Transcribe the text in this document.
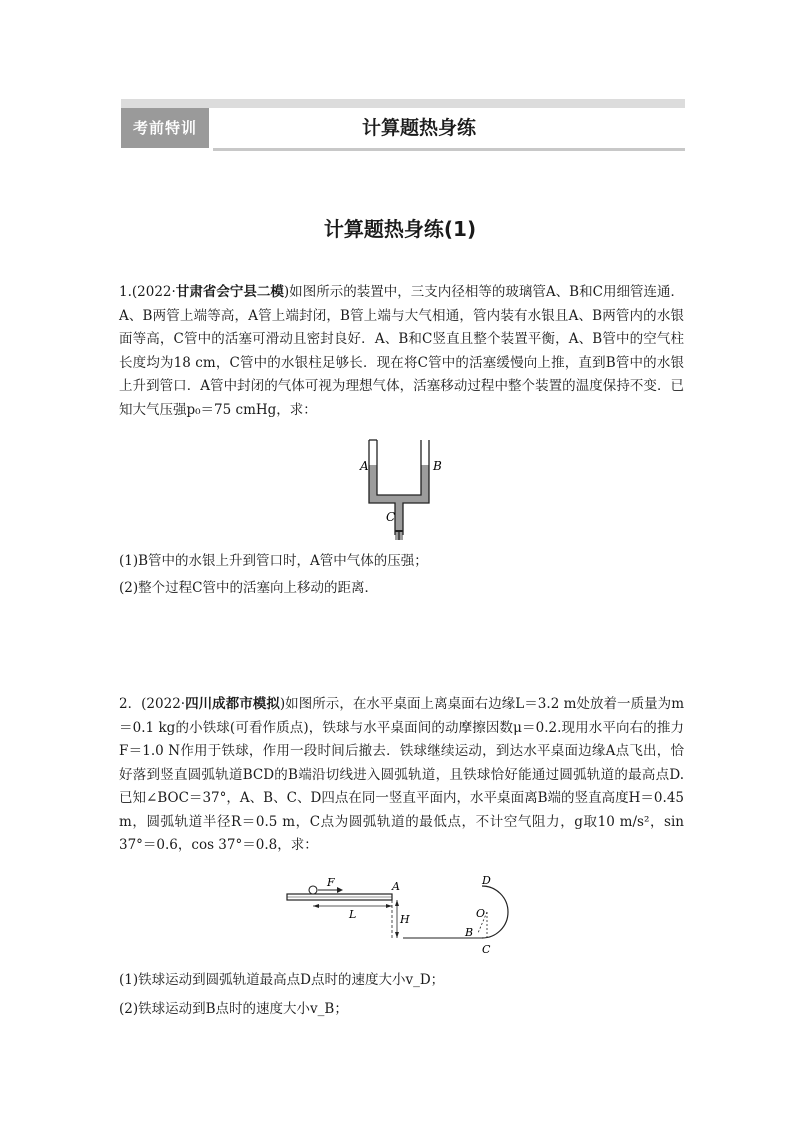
考前特训	计算题热身练
计算题热身练(1)

1.(2022·甘肃省会宁县二模)如图所示的装置中，三支内径相等的玻璃管A、B和C用细管连通．A、B两管上端等高，A管上端封闭，B管上端与大气相通，管内装有水银且A、B两管内的水银面等高，C管中的活塞可滑动且密封良好．A、B和C竖直且整个装置平衡，A、B管中的空气柱长度均为18 cm，C管中的水银柱足够长．现在将C管中的活塞缓慢向上推，直到B管中的水银上升到管口．A管中封闭的气体可视为理想气体，活塞移动过程中整个装置的温度保持不变．已知大气压强p₀＝75 cmHg，求：

A	B
C

(1)B管中的水银上升到管口时，A管中气体的压强；

(2)整个过程C管中的活塞向上移动的距离．

2．(2022·四川成都市模拟)如图所示，在水平桌面上离桌面右边缘L＝3.2 m处放着一质量为m＝0.1 kg的小铁球(可看作质点)，铁球与水平桌面间的动摩擦因数μ＝0.2.现用水平向右的推力F＝1.0 N作用于铁球，作用一段时间后撤去．铁球继续运动，到达水平桌面边缘A点飞出，恰好落到竖直圆弧轨道BCD的B端沿切线进入圆弧轨道，且铁球恰好能通过圆弧轨道的最高点D.已知∠BOC＝37°，A、B、C、D四点在同一竖直平面内，水平桌面离B端的竖直高度H＝0.45 m，圆弧轨道半径R＝0.5 m，C点为圆弧轨道的最低点，不计空气阻力，g取10 m/s²，sin 37°＝0.6，cos 37°＝0.8，求：

F
L
A
H
D
O
B
C

(1)铁球运动到圆弧轨道最高点D点时的速度大小v_D；

(2)铁球运动到B点时的速度大小v_B；
